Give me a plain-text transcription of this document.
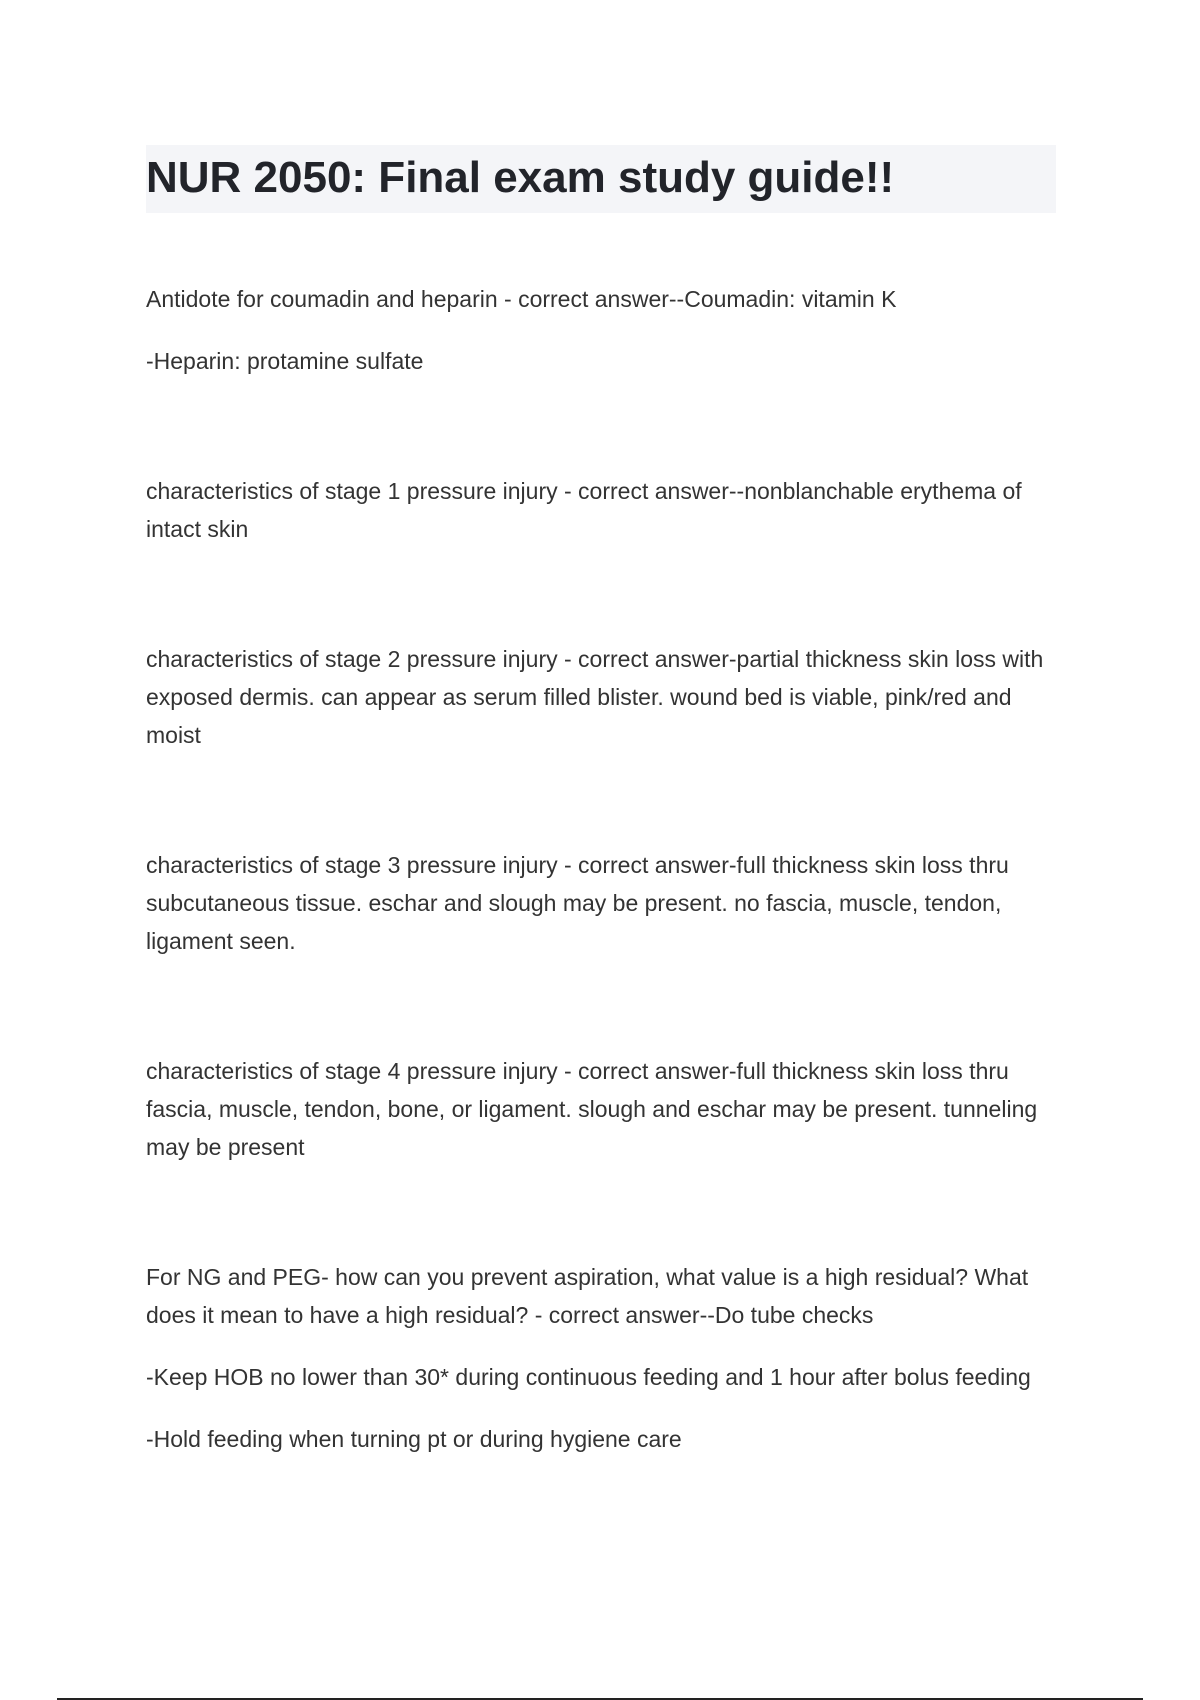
NUR 2050: Final exam study guide!!

Antidote for coumadin and heparin - correct answer--Coumadin: vitamin K

-Heparin: protamine sulfate

characteristics of stage 1 pressure injury - correct answer--nonblanchable erythema of intact skin

characteristics of stage 2 pressure injury - correct answer-partial thickness skin loss with exposed dermis. can appear as serum filled blister. wound bed is viable, pink/red and moist

characteristics of stage 3 pressure injury - correct answer-full thickness skin loss thru subcutaneous tissue. eschar and slough may be present. no fascia, muscle, tendon, ligament seen.

characteristics of stage 4 pressure injury - correct answer-full thickness skin loss thru fascia, muscle, tendon, bone, or ligament. slough and eschar may be present. tunneling may be present

For NG and PEG- how can you prevent aspiration, what value is a high residual? What does it mean to have a high residual? - correct answer--Do tube checks

-Keep HOB no lower than 30* during continuous feeding and 1 hour after bolus feeding

-Hold feeding when turning pt or during hygiene care
